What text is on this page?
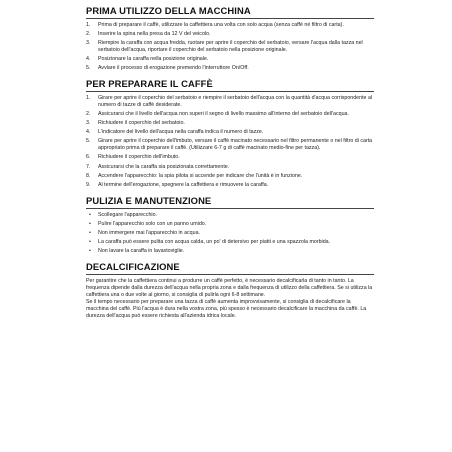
PRIMA UTILIZZO DELLA MACCHINA
1.	Prima di preparare il caffè, utilizzare la caffettiera una volta con solo acqua (senza caffè né filtro di carta).
2.	Inserire la spina nella presa da 12 V del veicolo.
3.	Riempire la caraffa con acqua fredda, ruotare per aprire il coperchio del serbatoio, versare l'acqua dalla tazza nel serbatoio dell'acqua, riportare il coperchio del serbatoio nella posizione originale.
4.	Posizionare la caraffa nella posizione originale.
5.	Avviare il processo di erogazione premendo l'interruttore On/Off.
PER PREPARARE IL CAFFÈ
1.	Girare per aprire il coperchio del serbatoio e riempire il serbatoio dell'acqua con la quantità d'acqua corrispondente al numero di tazze di caffè desiderate.
2.	Assicurarsi che il livello dell'acqua non superi il segno di livello massimo all'interno del serbatoio dell'acqua.
3.	Richiudere il coperchio del serbatoio.
4.	L'indicatore del livello dell'acqua nella caraffa indica il numero di tazze.
5.	Girare per aprire il coperchio dell'imbuto, versare il caffè macinato necessario nel filtro permanente o nel filtro di carta appropriato prima di preparare il caffè. (Utilizzare 6-7 g di caffè macinato medio-fine per tazza).
6.	Richiudere il coperchio dell'imbuto.
7.	Assicurarsi che la caraffa sia posizionata correttamente.
8.	Accendere l'apparecchio: la spia pilota si accende per indicare che l'unità è in funzione.
9.	Al termine dell'erogazione, spegnere la caffettiera e rimuovere la caraffa.
PULIZIA E MANUTENZIONE
•	Scollegare l'apparecchio.
•	Pulire l'apparecchio solo con un panno umido.
•	Non immergere mai l'apparecchio in acqua.
•	La caraffa può essere pulita con acqua calda, un po' di detersivo per piatti e una spazzola morbida.
•	Non lavare la caraffa in lavastoviglie.
DECALCIFICAZIONE

Per garantire che la caffettiera continui a produrre un caffè perfetto, è necessario decalcificarla di tanto in tanto. La frequenza dipende dalla durezza dell'acqua nella propria zona e dalla frequenza di utilizzo della caffettiera. Se si utilizza la caffettiera una o due volte al giorno, si consiglia di pulirla ogni 6-8 settimane.

Se il tempo necessario per preparare una tazza di caffè aumenta improvvisamente, si consiglia di decalcificare la macchina del caffè. Più l'acqua è dura nella vostra zona, più spesso è necessario decalcificare la macchina da caffè. La durezza dell'acqua può essere richiesta all'azienda idrica locale.
